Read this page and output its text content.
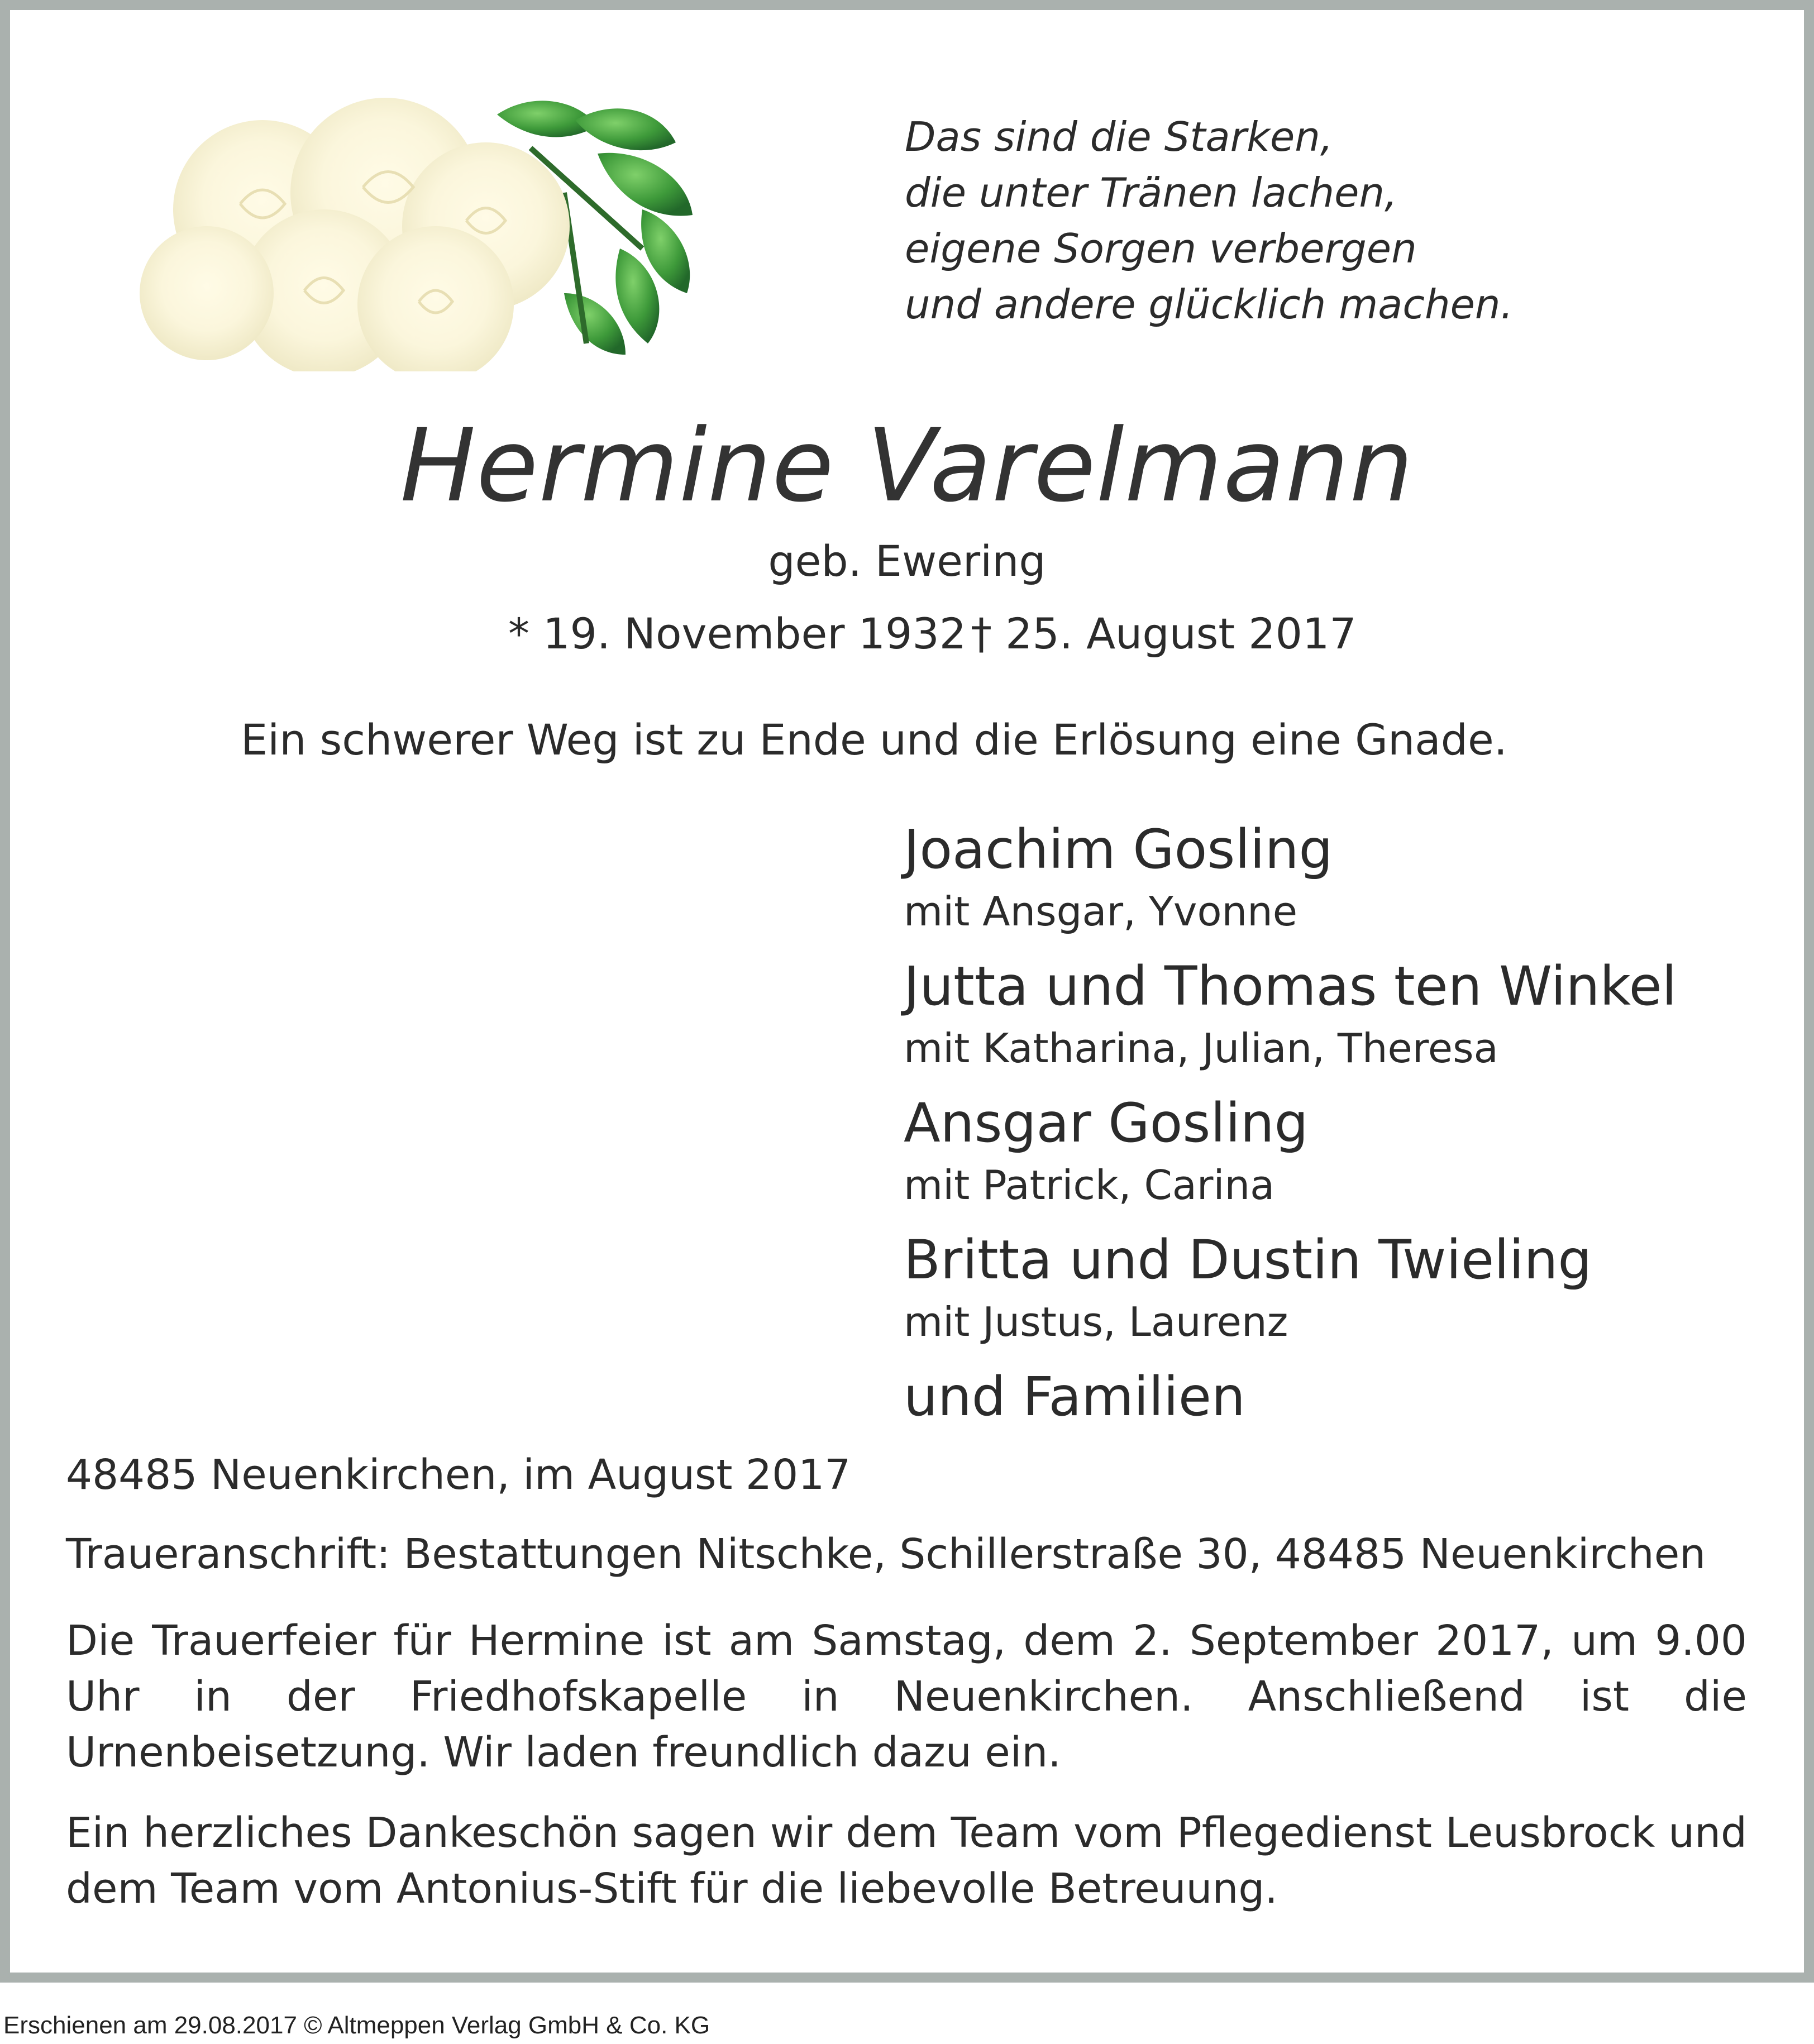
Das sind die Starken,
die unter Tränen lachen,
eigene Sorgen verbergen
und andere glücklich machen.
Hermine Varelmann
geb. Ewering
* 19. November 1932 † 25. August 2017
Ein schwerer Weg ist zu Ende und die Erlösung eine Gnade.
Joachim Gosling
mit Ansgar, Yvonne
Jutta und Thomas ten Winkel
mit Katharina, Julian, Theresa
Ansgar Gosling
mit Patrick, Carina
Britta und Dustin Twieling
mit Justus, Laurenz
und Familien
48485 Neuenkirchen, im August 2017
Traueranschrift: Bestattungen Nitschke, Schillerstraße 30, 48485 Neuenkirchen
Die Trauerfeier für Hermine ist am Samstag, dem 2. September 2017, um 9.00 Uhr in der Friedhofskapelle in Neuenkirchen. Anschließend ist die Urnenbeisetzung. Wir laden freundlich dazu ein.
Ein herzliches Dankeschön sagen wir dem Team vom Pflegedienst Leusbrock und dem Team vom Antonius-Stift für die liebevolle Betreuung.
Erschienen am 29.08.2017 © Altmeppen Verlag GmbH & Co. KG
